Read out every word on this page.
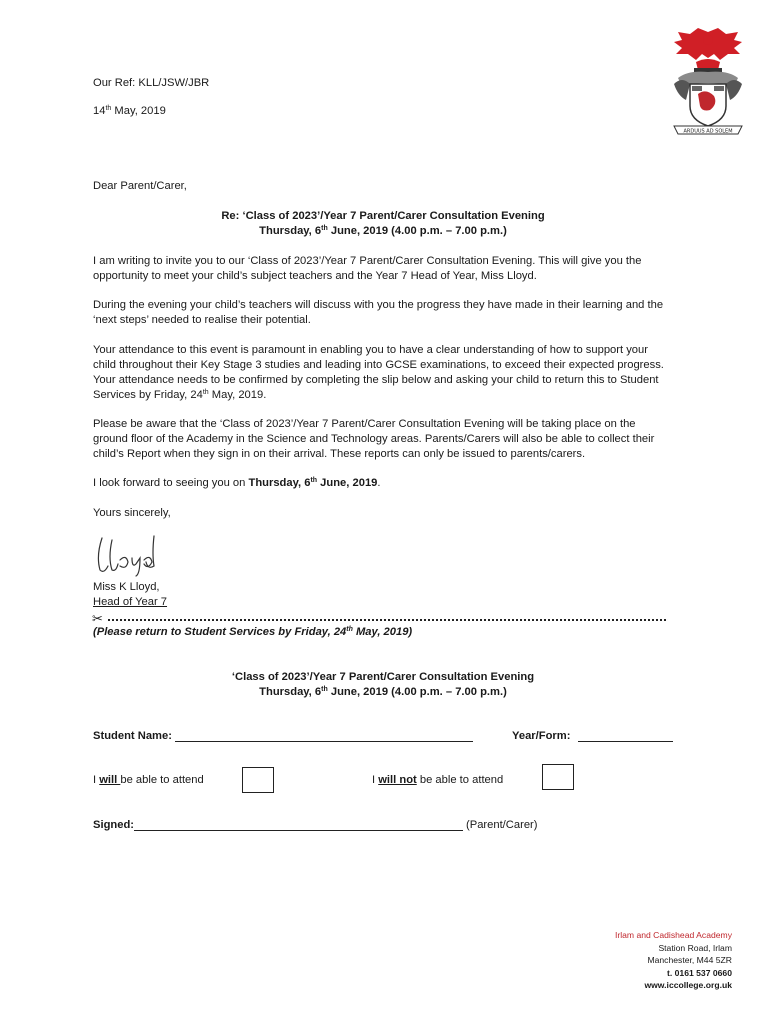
ARDUUS AD SOLEM
Our Ref: KLL/JSW/JBR
14th May, 2019
Dear Parent/Carer,
Re: ‘Class of 2023’/Year 7 Parent/Carer Consultation Evening
Thursday, 6th June, 2019 (4.00 p.m. – 7.00 p.m.)
I am writing to invite you to our ‘Class of 2023’/Year 7 Parent/Carer Consultation Evening. This will give you the opportunity to meet your child’s subject teachers and the Year 7 Head of Year, Miss Lloyd.
During the evening your child’s teachers will discuss with you the progress they have made in their learning and the ‘next steps’ needed to realise their potential.
Your attendance to this event is paramount in enabling you to have a clear understanding of how to support your child throughout their Key Stage 3 studies and leading into GCSE examinations, to exceed their expected progress. Your attendance needs to be confirmed by completing the slip below and asking your child to return this to Student Services by Friday, 24th May, 2019.
Please be aware that the ‘Class of 2023’/Year 7 Parent/Carer Consultation Evening will be taking place on the ground floor of the Academy in the Science and Technology areas. Parents/Carers will also be able to collect their child’s Report when they sign in on their arrival. These reports can only be issued to parents/carers.
I look forward to seeing you on Thursday, 6th June, 2019.
Yours sincerely,
Miss K Lloyd,
Head of Year 7
✂
(Please return to Student Services by Friday, 24th May, 2019)
‘Class of 2023’/Year 7 Parent/Carer Consultation Evening
Thursday, 6th June, 2019 (4.00 p.m. – 7.00 p.m.)
Student Name:	Year/Form:
I will be able to attend	I will not be able to attend
Signed:	(Parent/Carer)
Irlam and Cadishead Academy
Station Road, Irlam
Manchester, M44 5ZR
t. 0161 537 0660
www.iccollege.org.uk
